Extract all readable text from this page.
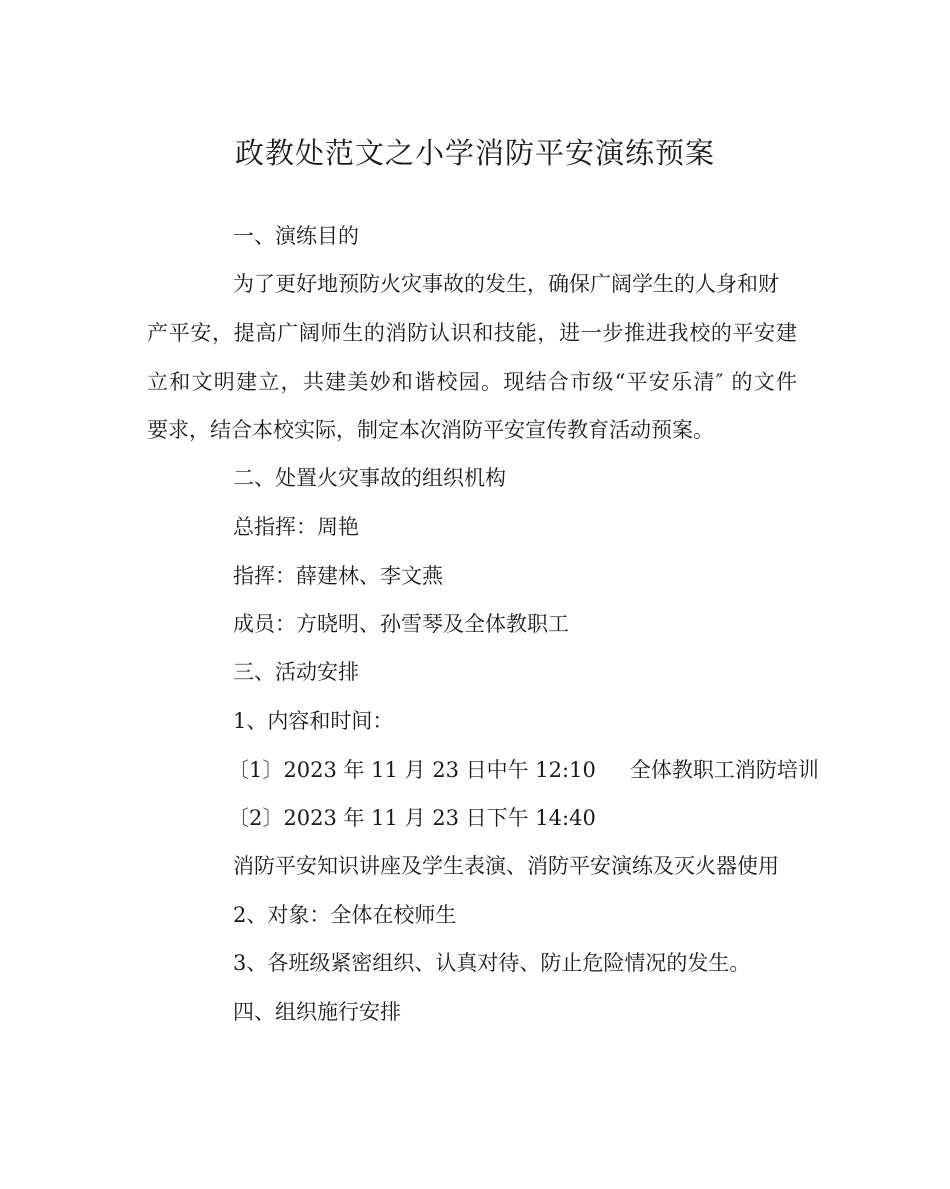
政教处范文之小学消防平安演练预案
一、演练目的
为了更好地预防火灾事故的发生，确保广阔学生的人身和财
产平安，提高广阔师生的消防认识和技能，进一步推进我校的平安建
立和文明建立，共建美妙和谐校园。现结合市级“平安乐清″ 的文件
要求，结合本校实际，制定本次消防平安宣传教育活动预案。
二、处置火灾事故的组织机构
总指挥：周艳
指挥：薛建林、李文燕
成员：方晓明、孙雪琴及全体教职工
三、活动安排
1、内容和时间：
〔1〕2023 年 11 月 23 日中午 12:10 全体教职工消防培训
〔2〕2023 年 11 月 23 日下午 14:40
消防平安知识讲座及学生表演、消防平安演练及灭火器使用
2、对象：全体在校师生
3、各班级紧密组织、认真对待、防止危险情况的发生。
四、组织施行安排
